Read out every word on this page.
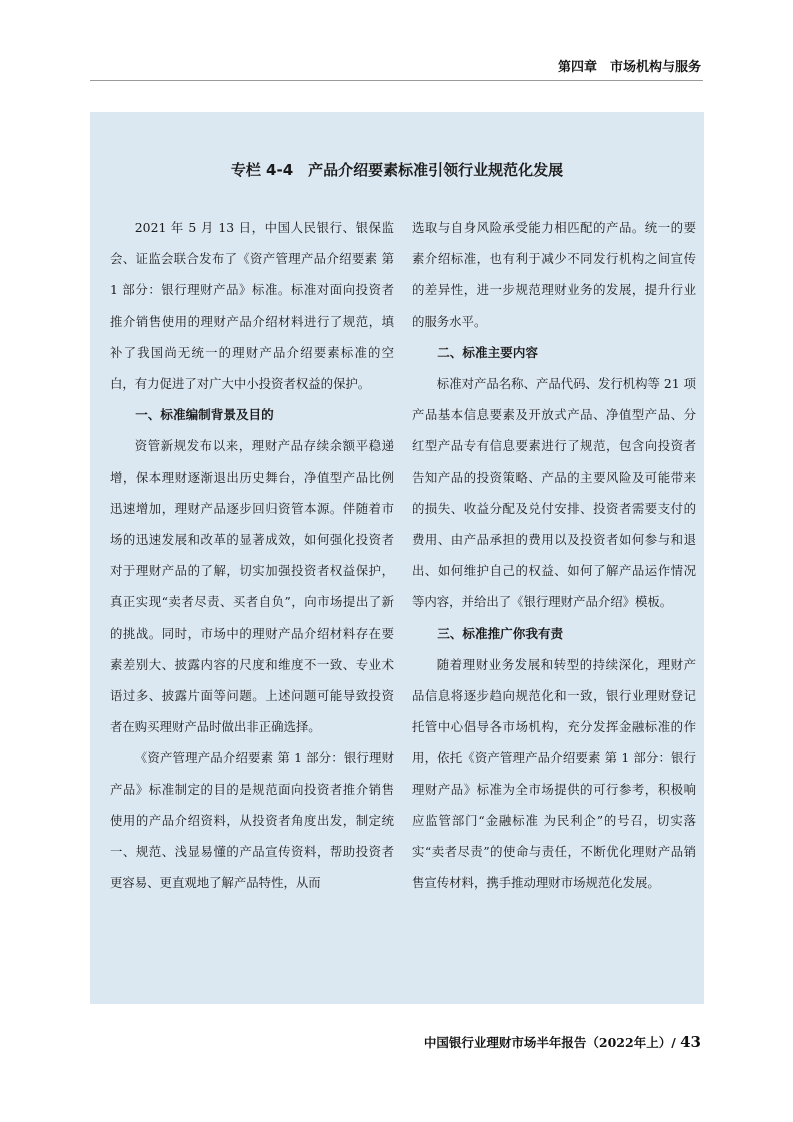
第四章　市场机构与服务
专栏 4-4　产品介绍要素标准引领行业规范化发展

2021 年 5 月 13 日，中国人民银行、银保监会、证监会联合发布了《资产管理产品介绍要素 第 1 部分：银行理财产品》标准。标准对面向投资者推介销售使用的理财产品介绍材料进行了规范，填补了我国尚无统一的理财产品介绍要素标准的空白，有力促进了对广大中小投资者权益的保护。

一、标准编制背景及目的

资管新规发布以来，理财产品存续余额平稳递增，保本理财逐渐退出历史舞台，净值型产品比例迅速增加，理财产品逐步回归资管本源。伴随着市场的迅速发展和改革的显著成效，如何强化投资者对于理财产品的了解，切实加强投资者权益保护，真正实现“卖者尽责、买者自负”，向市场提出了新的挑战。同时，市场中的理财产品介绍材料存在要素差别大、披露内容的尺度和维度不一致、专业术语过多、披露片面等问题。上述问题可能导致投资者在购买理财产品时做出非正确选择。

《资产管理产品介绍要素 第 1 部分：银行理财产品》标准制定的目的是规范面向投资者推介销售使用的产品介绍资料，从投资者角度出发，制定统一、规范、浅显易懂的产品宣传资料，帮助投资者更容易、更直观地了解产品特性，从而

选取与自身风险承受能力相匹配的产品。统一的要素介绍标准，也有利于减少不同发行机构之间宣传的差异性，进一步规范理财业务的发展，提升行业的服务水平。

二、标准主要内容

标准对产品名称、产品代码、发行机构等 21 项产品基本信息要素及开放式产品、净值型产品、分红型产品专有信息要素进行了规范，包含向投资者告知产品的投资策略、产品的主要风险及可能带来的损失、收益分配及兑付安排、投资者需要支付的费用、由产品承担的费用以及投资者如何参与和退出、如何维护自己的权益、如何了解产品运作情况等内容，并给出了《银行理财产品介绍》模板。

三、标准推广你我有责

随着理财业务发展和转型的持续深化，理财产品信息将逐步趋向规范化和一致，银行业理财登记托管中心倡导各市场机构，充分发挥金融标准的作用，依托《资产管理产品介绍要素 第 1 部分：银行理财产品》标准为全市场提供的可行参考，积极响应监管部门“金融标准 为民利企”的号召，切实落实“卖者尽责”的使命与责任，不断优化理财产品销售宣传材料，携手推动理财市场规范化发展。

中国银行业理财市场半年报告（2022年上）/ 43
